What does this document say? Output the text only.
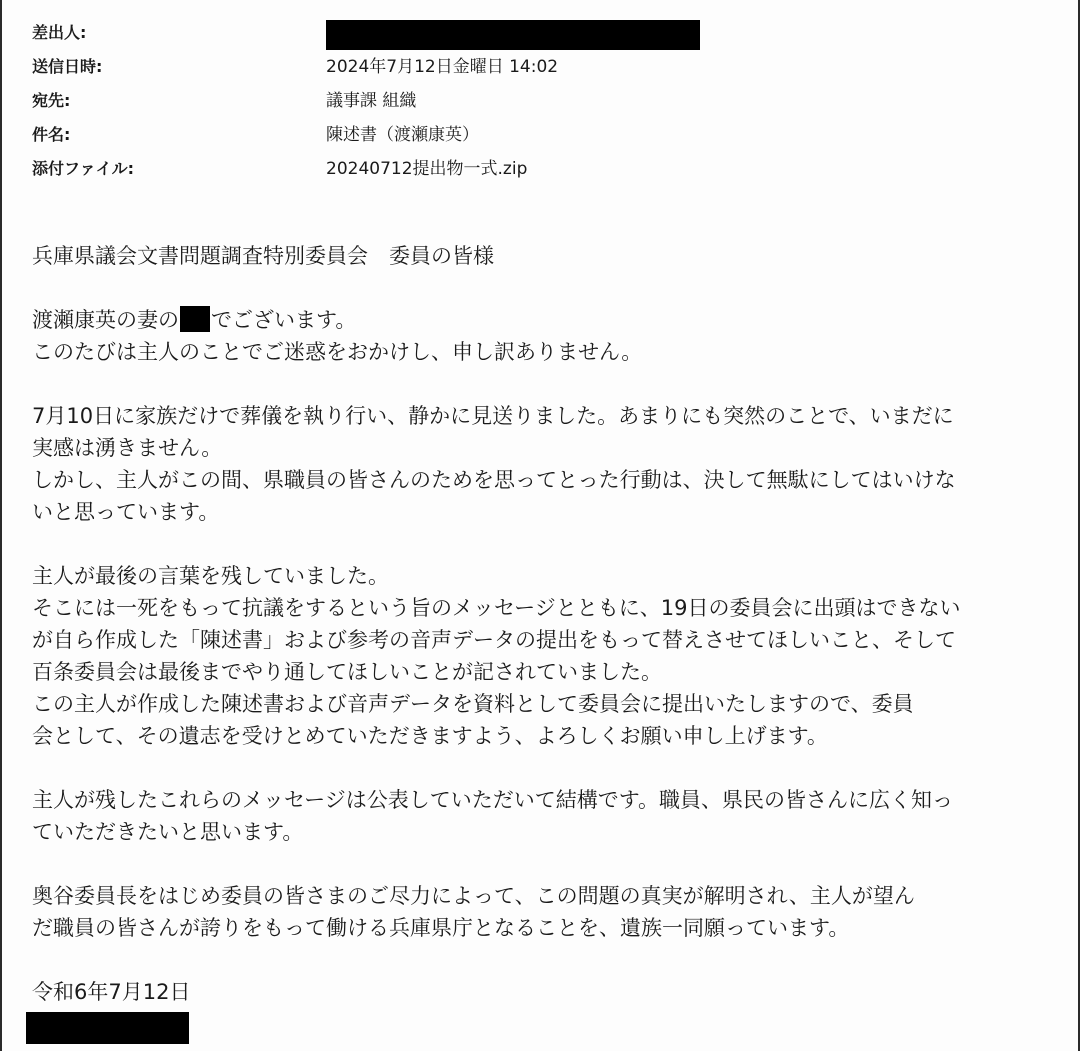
差出人:
送信日時:	2024年7月12日金曜日 14:02
宛先:	議事課 組織
件名:	陳述書（渡瀬康英）
添付ファイル:	20240712提出物一式.zip

兵庫県議会文書問題調査特別委員会　委員の皆様

渡瀬康英の妻の でございます。

このたびは主人のことでご迷惑をおかけし、申し訳ありません。

7月10日に家族だけで葬儀を執り行い、静かに見送りました。あまりにも突然のことで、いまだに

実感は湧きません。

しかし、主人がこの間、県職員の皆さんのためを思ってとった行動は、決して無駄にしてはいけな

いと思っています。

主人が最後の言葉を残していました。

そこには一死をもって抗議をするという旨のメッセージとともに、19日の委員会に出頭はできない

が自ら作成した「陳述書」および参考の音声データの提出をもって替えさせてほしいこと、そして

百条委員会は最後までやり通してほしいことが記されていました。

この主人が作成した陳述書および音声データを資料として委員会に提出いたしますので、委員

会として、その遺志を受けとめていただきますよう、よろしくお願い申し上げます。

主人が残したこれらのメッセージは公表していただいて結構です。職員、県民の皆さんに広く知っ

ていただきたいと思います。

奥谷委員長をはじめ委員の皆さまのご尽力によって、この問題の真実が解明され、主人が望ん

だ職員の皆さんが誇りをもって働ける兵庫県庁となることを、遺族一同願っています。

令和6年7月12日
